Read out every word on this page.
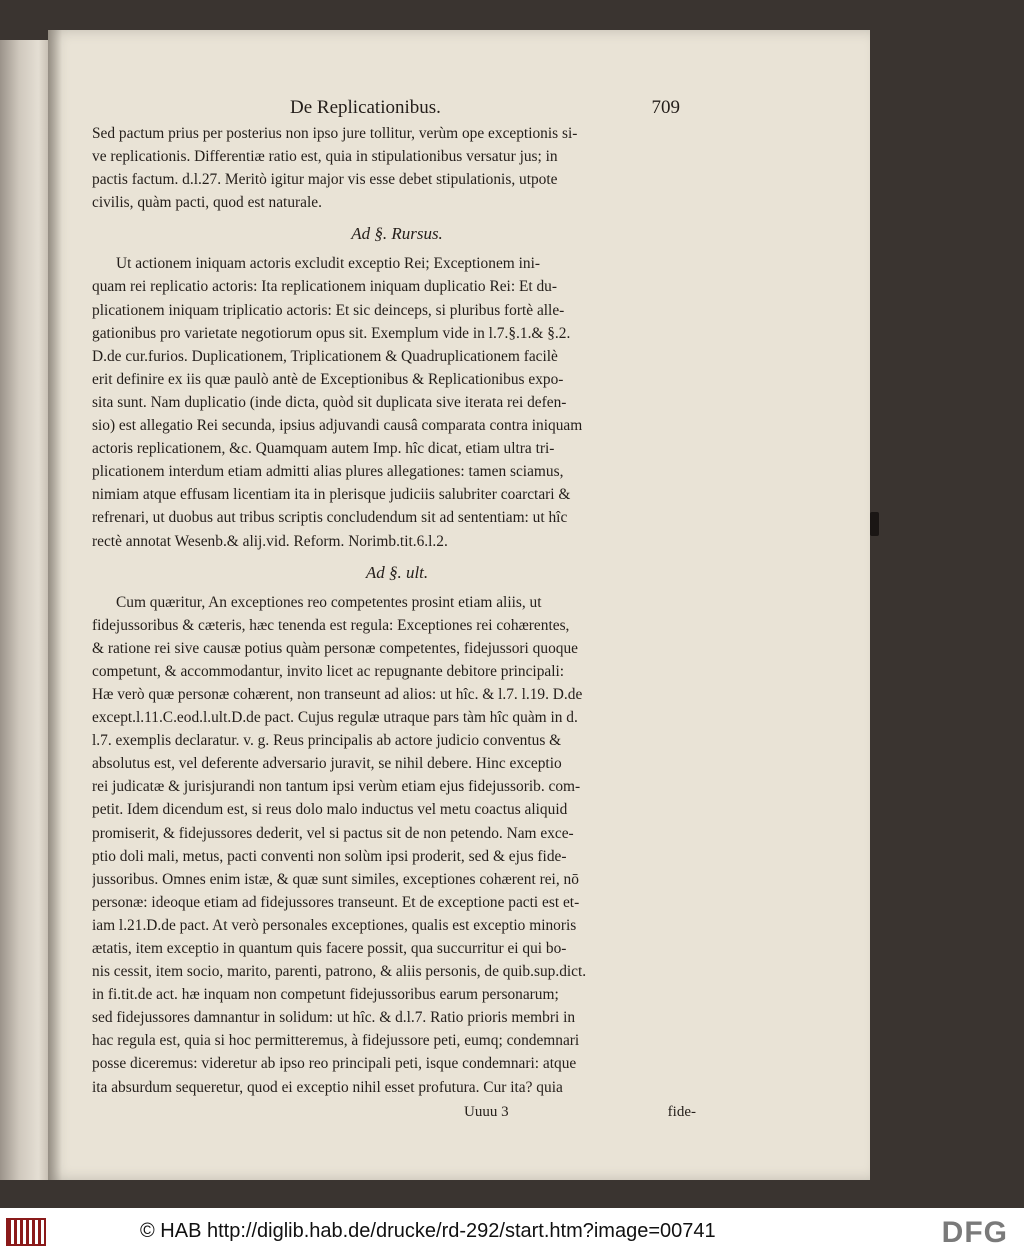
De Replicationibus.	709
Sed pactum prius per posterius non ipso jure tollitur, verùm ope exceptionis si-
ve replicationis. Differentiæ ratio est, quia in stipulationibus versatur jus; in
pactis factum. d.l.27. Meritò igitur major vis esse debet stipulationis, utpote
civilis, quàm pacti, quod est naturale.
Ad §. Rursus.
Ut actionem iniquam actoris excludit exceptio Rei; Exceptionem ini-
quam rei replicatio actoris: Ita replicationem iniquam duplicatio Rei: Et du-
plicationem iniquam triplicatio actoris: Et sic deinceps, si pluribus fortè alle-
gationibus pro varietate negotiorum opus sit. Exemplum vide in l.7.§.1.& §.2.
D.de cur.furios. Duplicationem, Triplicationem & Quadruplicationem facilè
erit definire ex iis quæ paulò antè de Exceptionibus & Replicationibus expo-
sita sunt. Nam duplicatio (inde dicta, quòd sit duplicata sive iterata rei defen-
sio) est allegatio Rei secunda, ipsius adjuvandi causâ comparata contra iniquam
actoris replicationem, &c. Quamquam autem Imp. hîc dicat, etiam ultra tri-
plicationem interdum etiam admitti alias plures allegationes: tamen sciamus,
nimiam atque effusam licentiam ita in plerisque judiciis salubriter coarctari &
refrenari, ut duobus aut tribus scriptis concludendum sit ad sententiam: ut hîc
rectè annotat Wesenb.& alij.vid. Reform. Norimb.tit.6.l.2.
Ad §. ult.
Cum quæritur, An exceptiones reo competentes prosint etiam aliis, ut
fidejussoribus & cæteris, hæc tenenda est regula: Exceptiones rei cohærentes,
& ratione rei sive causæ potius quàm personæ competentes, fidejussori quoque
competunt, & accommodantur, invito licet ac repugnante debitore principali:
Hæ verò quæ personæ cohærent, non transeunt ad alios: ut hîc. & l.7. l.19. D.de
except.l.11.C.eod.l.ult.D.de pact. Cujus regulæ utraque pars tàm hîc quàm in d.
l.7. exemplis declaratur. v. g. Reus principalis ab actore judicio conventus &
absolutus est, vel deferente adversario juravit, se nihil debere. Hinc exceptio
rei judicatæ & jurisjurandi non tantum ipsi verùm etiam ejus fidejussorib. com-
petit. Idem dicendum est, si reus dolo malo inductus vel metu coactus aliquid
promiserit, & fidejussores dederit, vel si pactus sit de non petendo. Nam exce-
ptio doli mali, metus, pacti conventi non solùm ipsi proderit, sed & ejus fide-
jussoribus. Omnes enim istæ, & quæ sunt similes, exceptiones cohærent rei, nō
personæ: ideoque etiam ad fidejussores transeunt. Et de exceptione pacti est et-
iam l.21.D.de pact. At verò personales exceptiones, qualis est exceptio minoris
ætatis, item exceptio in quantum quis facere possit, qua succurritur ei qui bo-
nis cessit, item socio, marito, parenti, patrono, & aliis personis, de quib.sup.dict.
in fi.tit.de act. hæ inquam non competunt fidejussoribus earum personarum;
sed fidejussores damnantur in solidum: ut hîc. & d.l.7. Ratio prioris membri in
hac regula est, quia si hoc permitteremus, à fidejussore peti, eumq; condemnari
posse diceremus: videretur ab ipso reo principali peti, isque condemnari: atque
ita absurdum sequeretur, quod ei exceptio nihil esset profutura. Cur ita? quia
Uuuu 3	fide-
© HAB http://diglib.hab.de/drucke/rd-292/start.htm?image=00741	DFG
